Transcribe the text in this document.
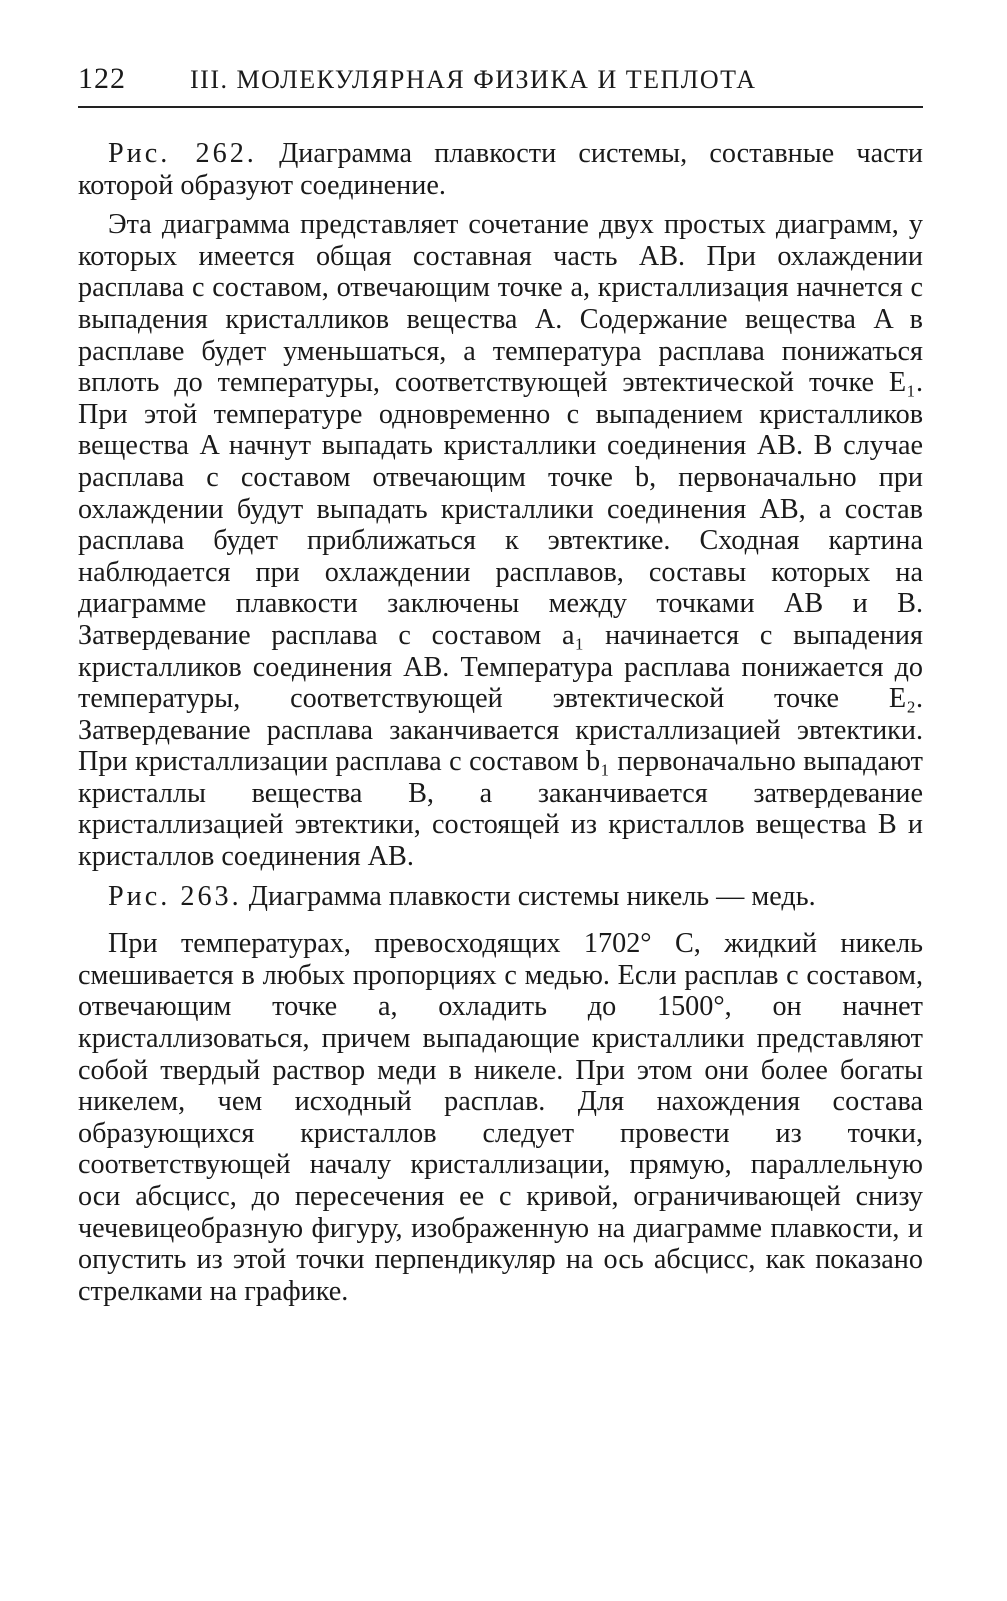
122	III. МОЛЕКУЛЯРНАЯ ФИЗИКА И ТЕПЛОТА

Рис. 262. Диаграмма плавкости системы, составные части которой образуют соединение.

Эта диаграмма представляет сочетание двух простых диаграмм, у которых имеется общая составная часть AB. При охлаждении расплава с составом, отвечающим точке a, кристаллизация начнется с выпадения кристалликов вещества A. Содержание вещества A в расплаве будет уменьшаться, а температура расплава понижаться вплоть до температуры, соответствующей эвтектической точке E₁. При этой температуре одновременно с выпадением кристалликов вещества A начнут выпадать кристаллики соединения AB. В случае расплава с составом отвечающим точке b, первоначально при охлаждении будут выпадать кристаллики соединения AB, а состав расплава будет приближаться к эвтектике. Сходная картина наблюдается при охлаждении расплавов, составы которых на диаграмме плавкости заключены между точками AB и B. Затвердевание расплава с составом a₁ начинается с выпадения кристалликов соединения AB. Температура расплава понижается до температуры, соответствующей эвтектической точке E₂. Затвердевание расплава заканчивается кристаллизацией эвтектики. При кристаллизации расплава с составом b₁ первоначально выпадают кристаллы вещества B, а заканчивается затвердевание кристаллизацией эвтектики, состоящей из кристаллов вещества B и кристаллов соединения AB.

Рис. 263. Диаграмма плавкости системы никель — медь.

При температурах, превосходящих 1702° С, жидкий никель смешивается в любых пропорциях с медью. Если расплав с составом, отвечающим точке a, охладить до 1500°, он начнет кристаллизоваться, причем выпадающие кристаллики представляют собой твердый раствор меди в никеле. При этом они более богаты никелем, чем исходный расплав. Для нахождения состава образующихся кристаллов следует провести из точки, соответствующей началу кристаллизации, прямую, параллельную оси абсцисс, до пересечения ее с кривой, ограничивающей снизу чечевицеобразную фигуру, изображенную на диаграмме плавкости, и опустить из этой точки перпендикуляр на ось абсцисс, как показано стрелками на графике.
